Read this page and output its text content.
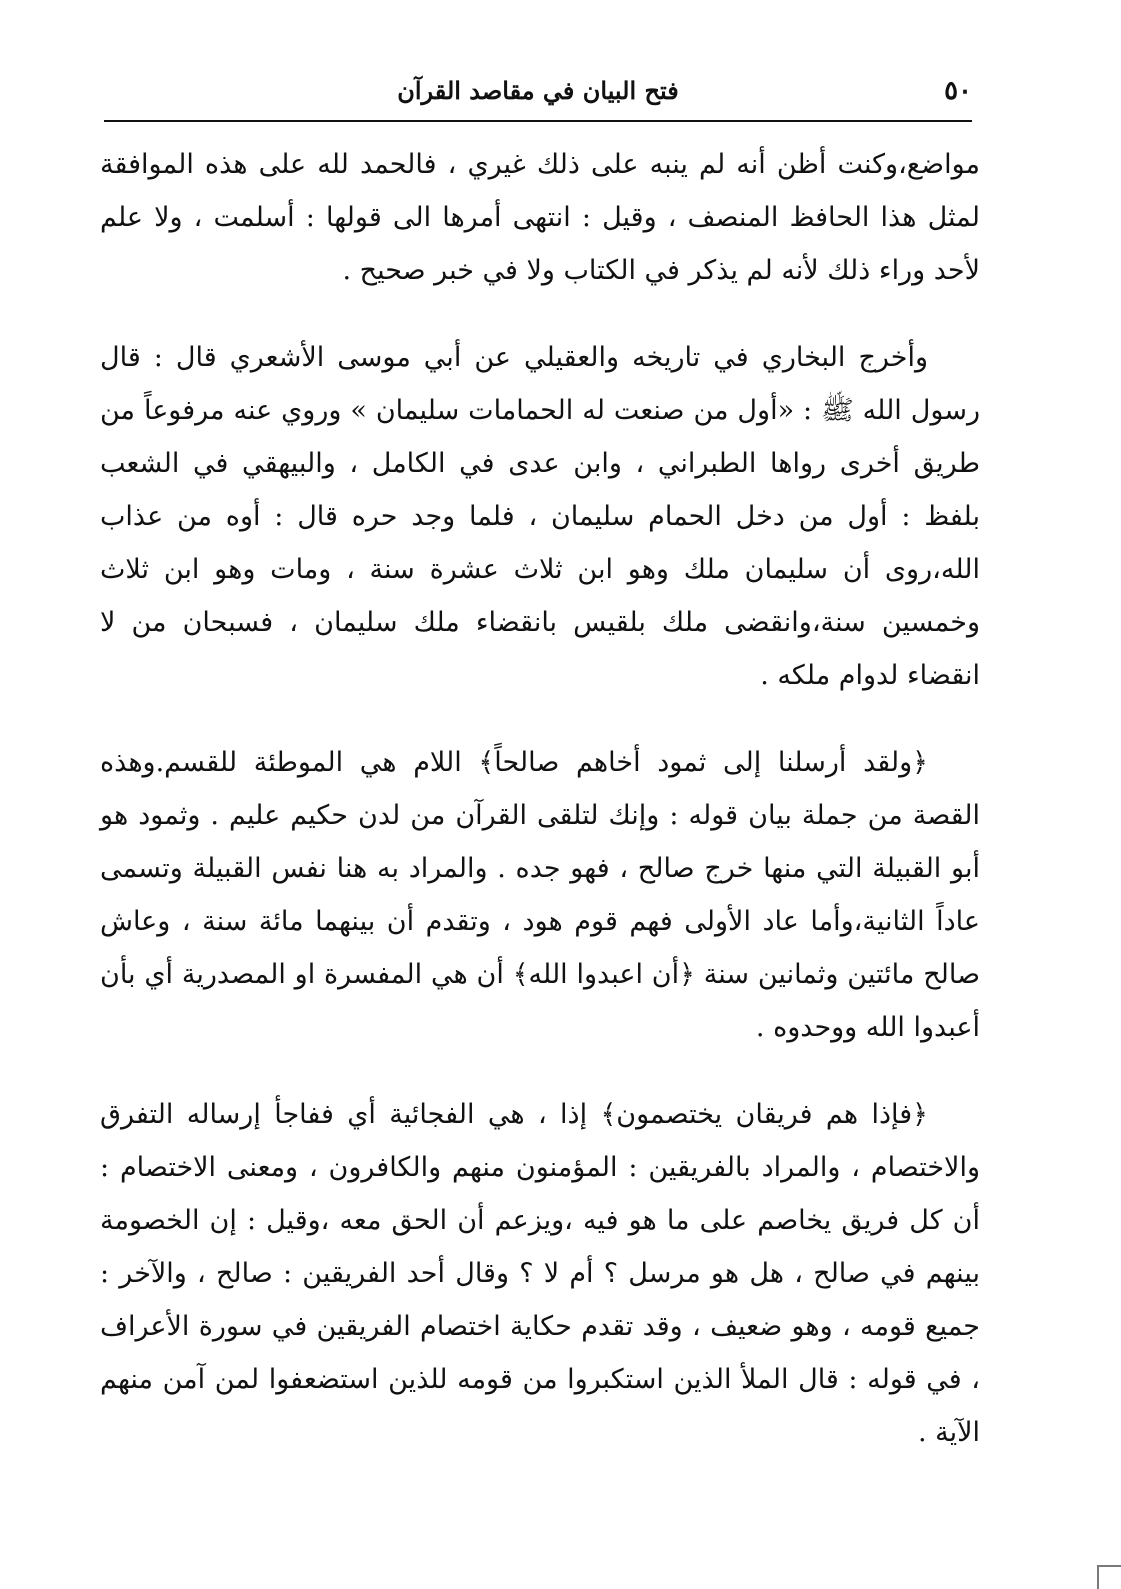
٥٠
فتح البيان في مقاصد القرآن

مواضع،وكنت أظن أنه لم ينبه على ذلك غيري ، فالحمد لله على هذه الموافقة لمثل هذا الحافظ المنصف ، وقيل : انتهى أمرها الى قولها : أسلمت ، ولا علم لأحد وراء ذلك لأنه لم يذكر في الكتاب ولا في خبر صحيح .

وأخرج البخاري في تاريخه والعقيلي عن أبي موسى الأشعري قال : قال رسول الله ﷺ : «أول من صنعت له الحمامات سليمان » وروي عنه مرفوعاً من طريق أخرى رواها الطبراني ، وابن عدى في الكامل ، والبيهقي في الشعب بلفظ : أول من دخل الحمام سليمان ، فلما وجد حره قال : أوه من عذاب الله،روى أن سليمان ملك وهو ابن ثلاث عشرة سنة ، ومات وهو ابن ثلاث وخمسين سنة،وانقضى ملك بلقيس بانقضاء ملك سليمان ، فسبحان من لا انقضاء لدوام ملكه .

﴿ولقد أرسلنا إلى ثمود أخاهم صالحاً﴾ اللام هي الموطئة للقسم.وهذه القصة من جملة بيان قوله : وإنك لتلقى القرآن من لدن حكيم عليم . وثمود هو أبو القبيلة التي منها خرج صالح ، فهو جده . والمراد به هنا نفس القبيلة وتسمى عاداً الثانية،وأما عاد الأولى فهم قوم هود ، وتقدم أن بينهما مائة سنة ، وعاش صالح مائتين وثمانين سنة ﴿أن اعبدوا الله﴾ أن هي المفسرة او المصدرية أي بأن أعبدوا الله ووحدوه .

﴿فإذا هم فريقان يختصمون﴾ إذا ، هي الفجائية أي ففاجأ إرساله التفرق والاختصام ، والمراد بالفريقين : المؤمنون منهم والكافرون ، ومعنى الاختصام : أن كل فريق يخاصم على ما هو فيه ،ويزعم أن الحق معه ،وقيل : إن الخصومة بينهم في صالح ، هل هو مرسل ؟ أم لا ؟ وقال أحد الفريقين : صالح ، والآخر : جميع قومه ، وهو ضعيف ، وقد تقدم حكاية اختصام الفريقين في سورة الأعراف ، في قوله : قال الملأ الذين استكبروا من قومه للذين استضعفوا لمن آمن منهم الآية .
